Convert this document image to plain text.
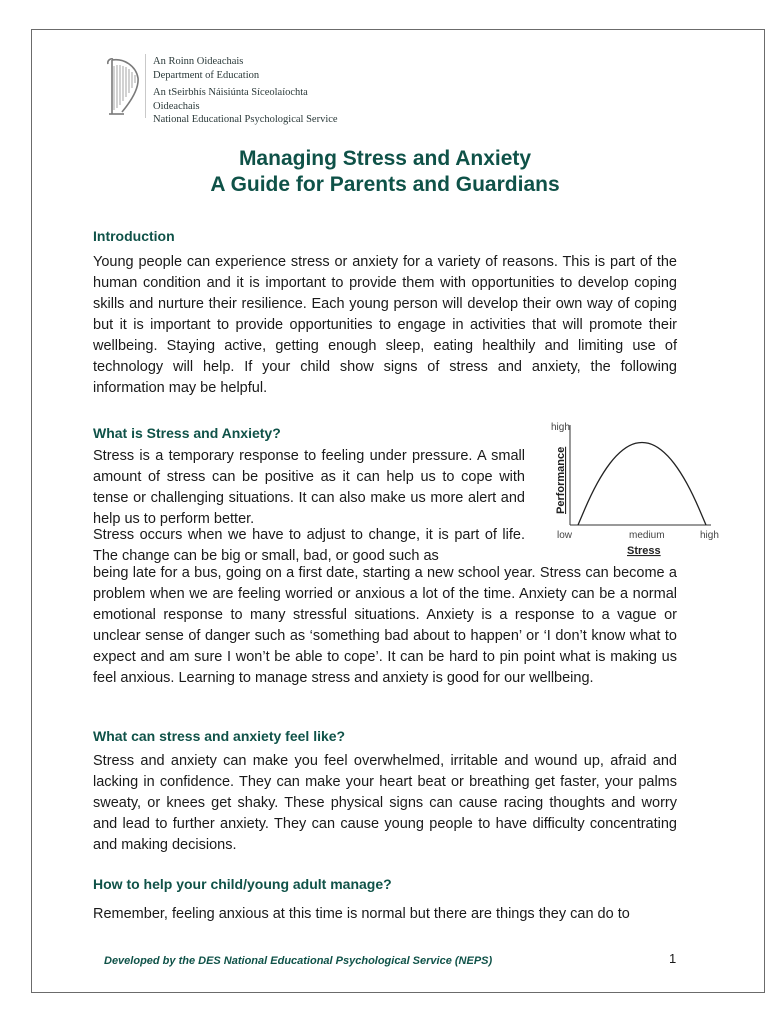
An Roinn Oideachais
Department of Education
An tSeirbhís Náisiúnta Síceolaíochta Oideachais
National Educational Psychological Service
Managing Stress and Anxiety
A Guide for Parents and Guardians
Introduction

Young people can experience stress or anxiety for a variety of reasons. This is part of the human condition and it is important to provide them with opportunities to develop coping skills and nurture their resilience. Each young person will develop their own way of coping but it is important to provide opportunities to engage in activities that will promote their wellbeing. Staying active, getting enough sleep, eating healthily and limiting use of technology will help. If your child show signs of stress and anxiety, the following information may be helpful.

What is Stress and Anxiety?

Stress is a temporary response to feeling under pressure. A small amount of stress can be positive as it can help us to cope with tense or challenging situations. It can also make us more alert and help us to perform better.

Stress occurs when we have to adjust to change, it is part of life. The change can be big or small, bad, or good such as

being late for a bus, going on a first date, starting a new school year. Stress can become a problem when we are feeling worried or anxious a lot of the time. Anxiety can be a normal emotional response to many stressful situations. Anxiety is a response to a vague or unclear sense of danger such as ‘something bad about to happen’ or ‘I don’t know what to expect and am sure I won’t be able to cope’. It can be hard to pin point what is making us feel anxious. Learning to manage stress and anxiety is good for our wellbeing.

high
Performance
low	medium	high
Stress
What can stress and anxiety feel like?

Stress and anxiety can make you feel overwhelmed, irritable and wound up, afraid and lacking in confidence. They can make your heart beat or breathing get faster, your palms sweaty, or knees get shaky. These physical signs can cause racing thoughts and worry and lead to further anxiety. They can cause young people to have difficulty concentrating and making decisions.

How to help your child/young adult manage?

Remember, feeling anxious at this time is normal but there are things they can do to

Developed by the DES National Educational Psychological Service (NEPS)	1
